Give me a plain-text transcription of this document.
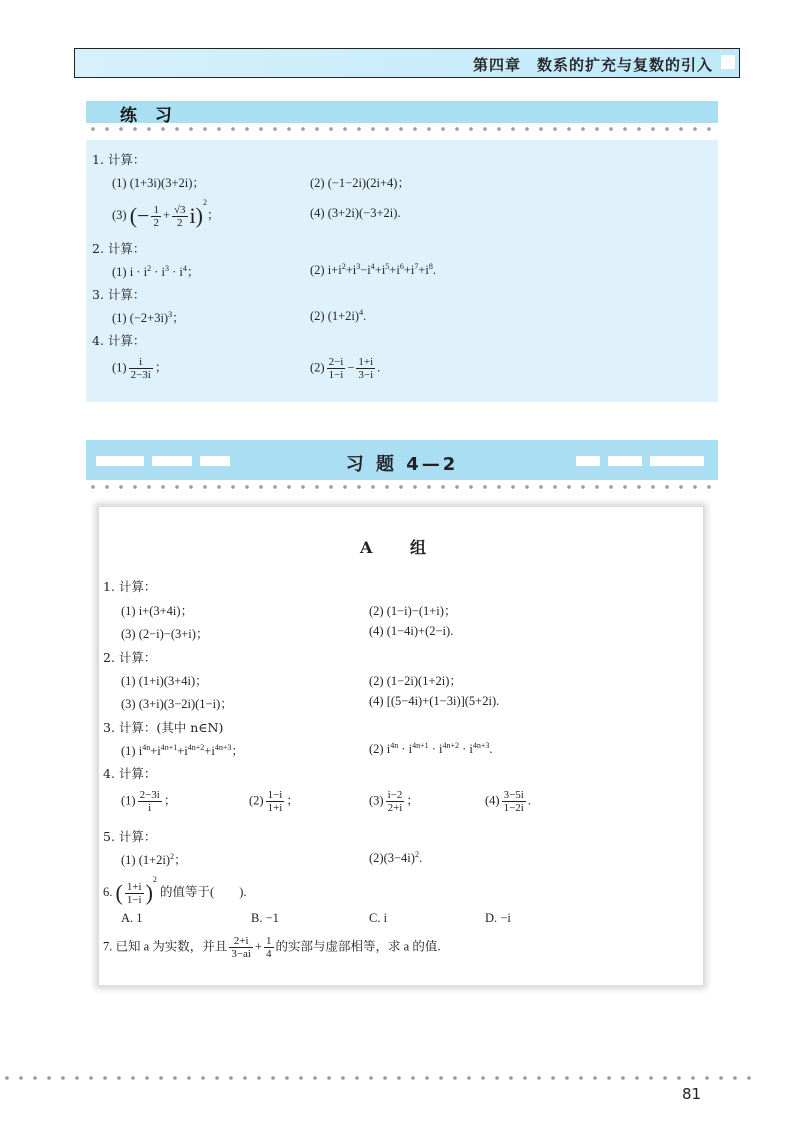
第四章　数系的扩充与复数的引入
练 习
1. 计算：
(1) (1+3i)(3+2i)；	(2) (−1−2i)(2i+4)；
(3) (− $\frac{1}{2} + \frac{√3}{2} i)^2$；	(4) (3+2i)(−3+2i).
2. 计算：
(1) $i \cdot i^2 \cdot i^3 \cdot i^4$；	(2) $i+i^2+i^3-i^4+i^5+i^6+i^7+i^8$.
3. 计算：
(1) $(-2+3i)^3$；	(2) $(1+2i)^4$.
4. 计算：
$(1) \frac{i}{2-3i}$ ；	$(2) \frac{2-i}{1-i} - \frac{1+i}{3-i}$ .
习 题 4—2
A 组
1. 计算：
(1) i+(3+4i)；	(2) (1−i)−(1+i)；
(3) (2−i)−(3+i)；	(4) (1−4i)+(2−i).
2. 计算：
(1) (1+i)(3+4i)；	(2) (1−2i)(1+2i)；
(3) (3+i)(3−2i)(1−i)；	(4) [(5−4i)+(1−3i)](5+2i).
3. 计算：(其中 n∈N)
(1) $i^{4n}+i^{4n+1}+i^{4n+2}+i^{4n+3}$；	(2) $i^{4n} \cdot i^{4n+1} \cdot i^{4n+2} \cdot i^{4n+3}$.
4. 计算：
$(1) \frac{2-3i}{i}$ ；	$(2) \frac{1-i}{1+i}$ ；	$(3) \frac{i-2}{2+i}$ ；	$(4) \frac{3-5i}{1-2i}$ .
5. 计算：
(1) $(1+2i)^2$；	$(2)(3-4i)^2$.
6. ( $\frac{1+i}{1-i} )^2$ 的值等于(　　).
A. 1	B. −1	C. i	D. −i
7. 已知 a 为实数，并且 $\frac{2+i}{3-ai} + \frac{1}{4}$ 的实部与虚部相等，求 a 的值.
81
